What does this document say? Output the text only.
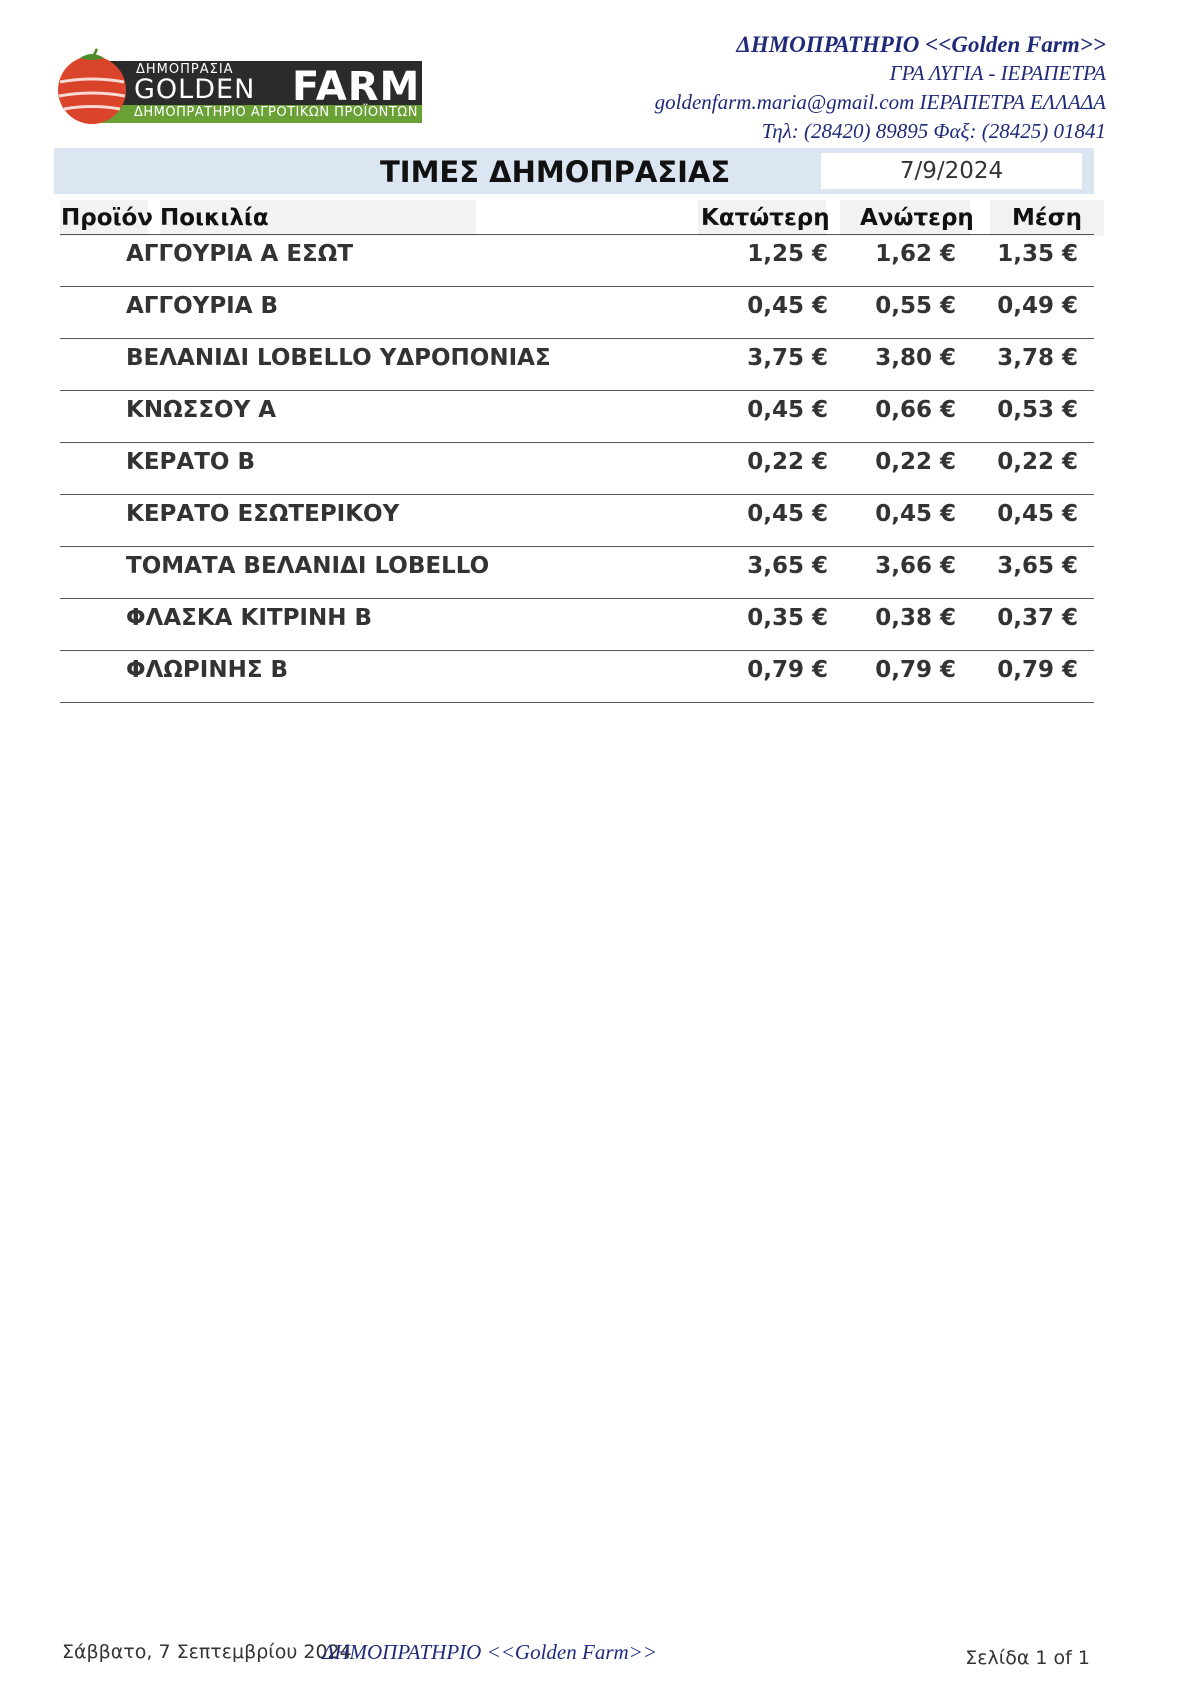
ΔΗΜΟΠΡΑΣΙΑ
GOLDEN FARM
ΔΗΜΟΠΡΑΤΗΡΙΟ ΑΓΡΟΤΙΚΩΝ ΠΡΟΪΟΝΤΩΝ
ΔΗΜΟΠΡΑΤΗΡΙΟ <<Golden Farm>>
ΓΡΑ ΛΥΓΙΑ - ΙΕΡΑΠΕΤΡΑ
goldenfarm.maria@gmail.com ΙΕΡΑΠΕΤΡΑ ΕΛΛΑΔΑ
Τηλ: (28420) 89895 Φαξ: (28425) 01841
ΤΙΜΕΣ ΔΗΜΟΠΡΑΣΙΑΣ	7/9/2024
Προϊόν Ποικιλία	Κατώτερη Ανώτερη Μέση
ΑΓΓΟΥΡΙΑ Α ΕΣΩΤ	1,25 €	1,62 €	1,35 €
ΑΓΓΟΥΡΙΑ Β	0,45 €	0,55 €	0,49 €
ΒΕΛΑΝΙΔΙ LOBELLO ΥΔΡΟΠΟΝΙΑΣ	3,75 €	3,80 €	3,78 €
ΚΝΩΣΣΟΥ Α	0,45 €	0,66 €	0,53 €
ΚΕΡΑΤΟ Β	0,22 €	0,22 €	0,22 €
ΚΕΡΑΤΟ ΕΣΩΤΕΡΙΚΟΥ	0,45 €	0,45 €	0,45 €
ΤΟΜΑΤΑ ΒΕΛΑΝΙΔΙ LOBELLO	3,65 €	3,66 €	3,65 €
ΦΛΑΣΚΑ ΚΙΤΡΙΝΗ Β	0,35 €	0,38 €	0,37 €
ΦΛΩΡΙΝΗΣ Β	0,79 €	0,79 €	0,79 €
Σάββατο, 7 Σεπτεμβρίου 2024
ΔΗΜΟΠΡΑΤΗΡΙΟ <<Golden Farm>>	Σελίδα 1 of 1
